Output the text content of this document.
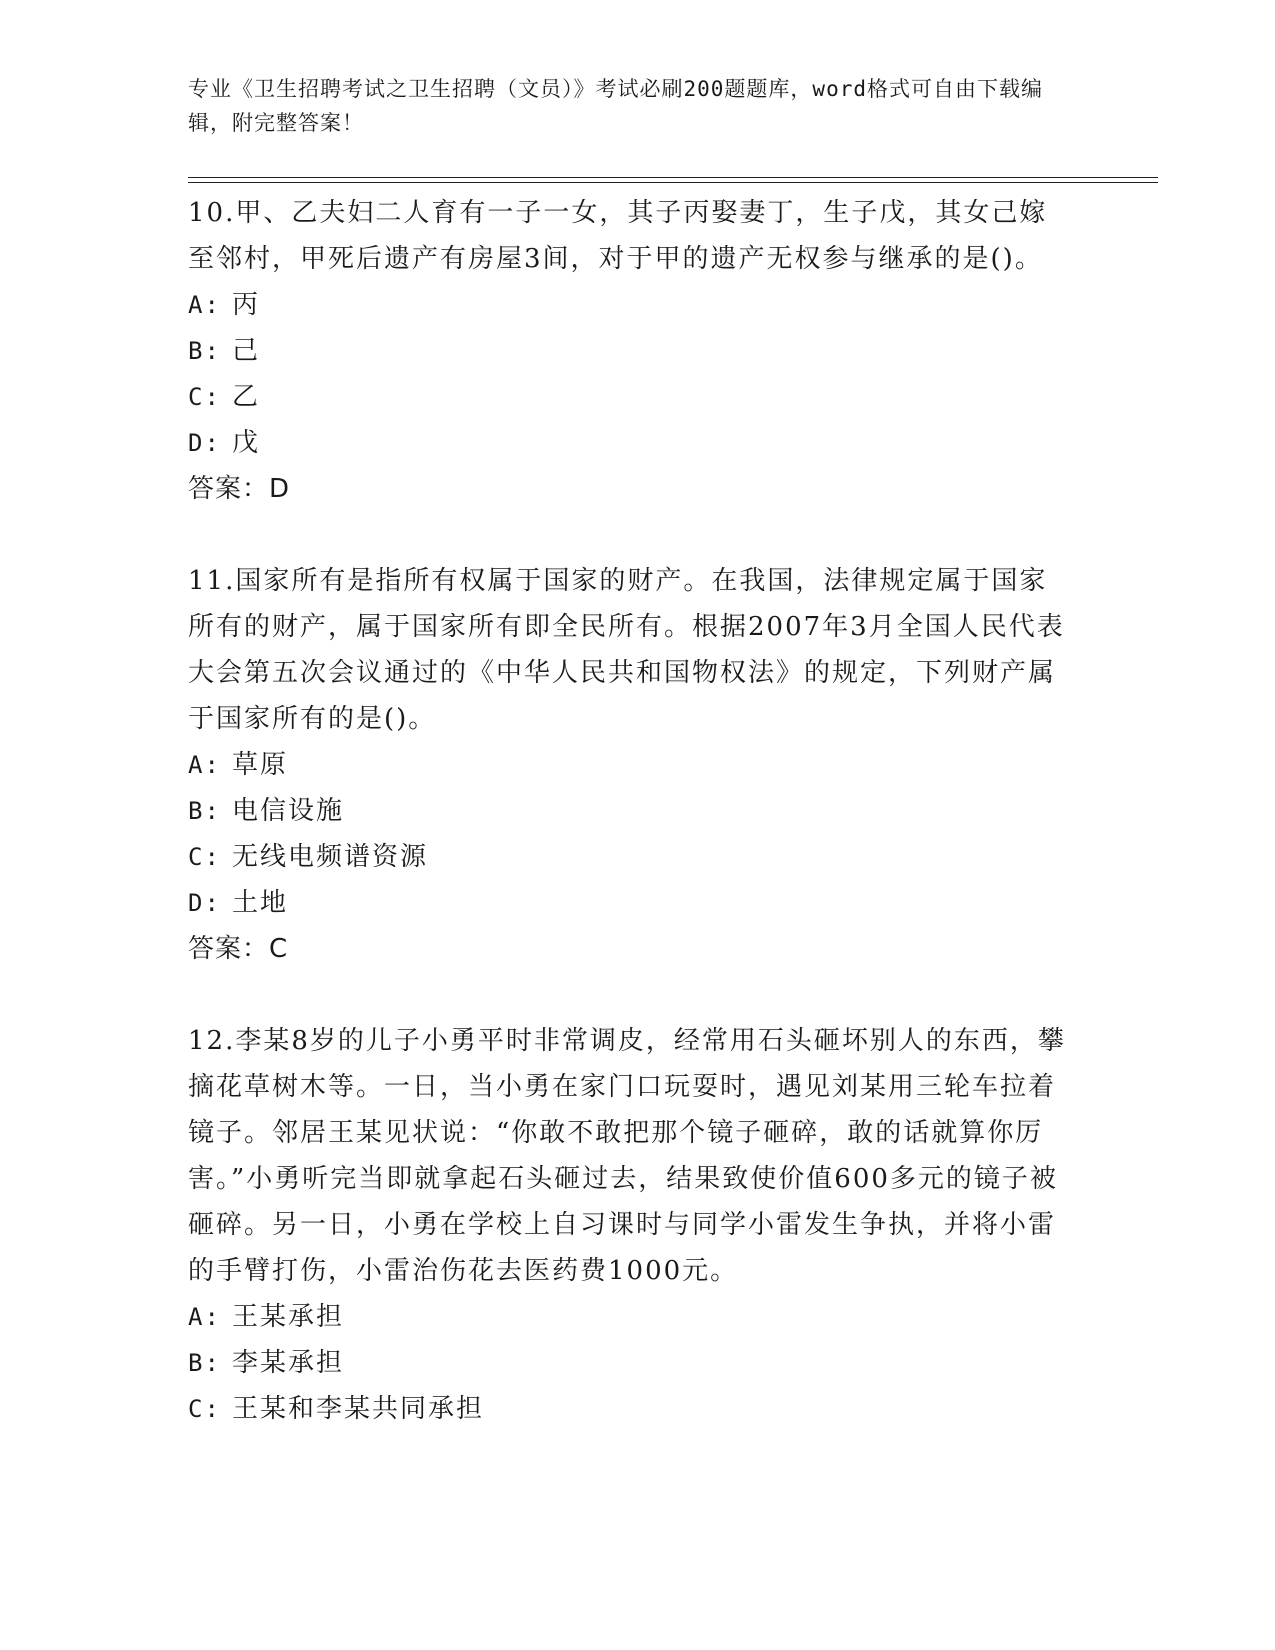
专业《卫生招聘考试之卫生招聘（文员）》考试必刷200题题库，word格式可自由下载编辑，附完整答案！

10.甲、乙夫妇二人育有一子一女，其子丙娶妻丁，生子戊，其女己嫁至邻村，甲死后遗产有房屋3间，对于甲的遗产无权参与继承的是()。

A: 丙

B: 己

C: 乙

D: 戊

答案：D

11.国家所有是指所有权属于国家的财产。在我国，法律规定属于国家所有的财产，属于国家所有即全民所有。根据2007年3月全国人民代表大会第五次会议通过的《中华人民共和国物权法》的规定，下列财产属于国家所有的是()。

A: 草原

B: 电信设施

C: 无线电频谱资源

D: 土地

答案：C

12.李某8岁的儿子小勇平时非常调皮，经常用石头砸坏别人的东西，攀摘花草树木等。一日，当小勇在家门口玩耍时，遇见刘某用三轮车拉着镜子。邻居王某见状说：“你敢不敢把那个镜子砸碎，敢的话就算你厉害。”小勇听完当即就拿起石头砸过去，结果致使价值600多元的镜子被砸碎。另一日，小勇在学校上自习课时与同学小雷发生争执，并将小雷的手臂打伤，小雷治伤花去医药费1000元。

A: 王某承担

B: 李某承担

C: 王某和李某共同承担
